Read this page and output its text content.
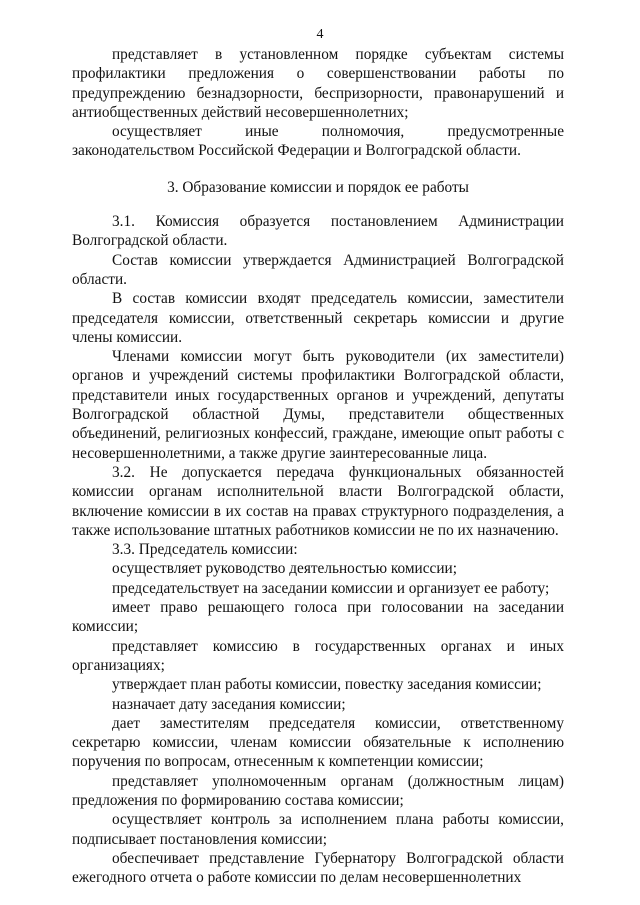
4

представляет в установленном порядке субъектам системы профилактики предложения о совершенствовании работы по предупреждению безнадзорности, беспризорности, правонарушений и антиобщественных действий несовершеннолетних;

осуществляет иные полномочия, предусмотренные законодательством Российской Федерации и Волгоградской области.

3. Образование комиссии и порядок ее работы

3.1. Комиссия образуется постановлением Администрации Волгоградской области.

Состав комиссии утверждается Администрацией Волгоградской области.

В состав комиссии входят председатель комиссии, заместители председателя комиссии, ответственный секретарь комиссии и другие члены комиссии.

Членами комиссии могут быть руководители (их заместители) органов и учреждений системы профилактики Волгоградской области, представители иных государственных органов и учреждений, депутаты Волгоградской областной Думы, представители общественных объединений, религиозных конфессий, граждане, имеющие опыт работы с несовершеннолетними, а также другие заинтересованные лица.

3.2. Не допускается передача функциональных обязанностей комиссии органам исполнительной власти Волгоградской области, включение комиссии в их состав на правах структурного подразделения, а также использование штатных работников комиссии не по их назначению.

3.3. Председатель комиссии:

осуществляет руководство деятельностью комиссии;

председательствует на заседании комиссии и организует ее работу;

имеет право решающего голоса при голосовании на заседании комиссии;

представляет комиссию в государственных органах и иных организациях;

утверждает план работы комиссии, повестку заседания комиссии;

назначает дату заседания комиссии;

дает заместителям председателя комиссии, ответственному секретарю комиссии, членам комиссии обязательные к исполнению поручения по вопросам, отнесенным к компетенции комиссии;

представляет уполномоченным органам (должностным лицам) предложения по формированию состава комиссии;

осуществляет контроль за исполнением плана работы комиссии, подписывает постановления комиссии;

обеспечивает представление Губернатору Волгоградской области ежегодного отчета о работе комиссии по делам несовершеннолетних
